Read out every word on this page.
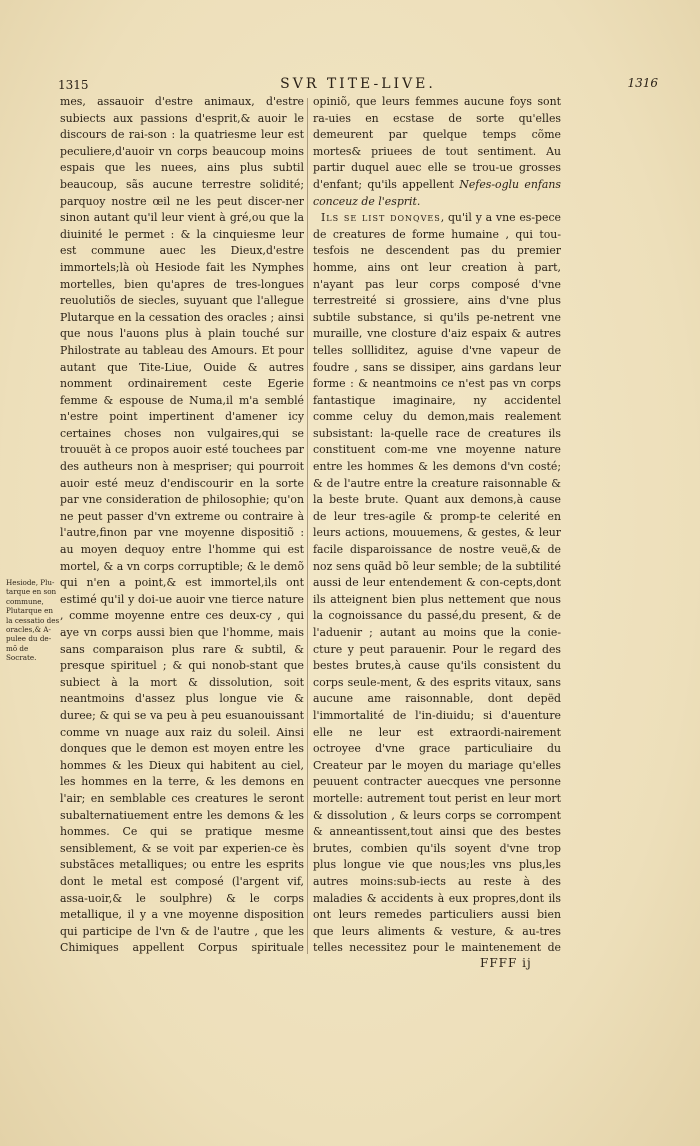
1315	SVR TITE-LIVE.	1316
Hesiode, Plu-tarque en son commune, Plutarque en la cessatio des oracles,& A-pulee du de-mõ de Socrate.

mes, assauoir d'estre animaux, d'estre subiects aux passions d'esprit,& auoir le discours de rai-son : la quatriesme leur est peculiere,d'auoir vn corps beaucoup moins espais que les nuees, ains plus subtil beaucoup, sãs aucune terrestre solidité; parquoy nostre œil ne les peut discer-ner sinon autant qu'il leur vient à gré,ou que la diuinité le permet : & la cinquiesme leur est commune auec les Dieux,d'estre immortels;là où Hesiode fait les Nymphes mortelles, bien qu'apres de tres-longues reuolutiõs de siecles, suyuant que l'allegue Plutarque en la cessation des oracles ; ainsi que nous l'auons plus à plain touché sur Philostrate au tableau des Amours. Et pour autant que Tite-Liue, Ouide & autres nomment ordinairement ceste Egerie femme & espouse de Numa,il m'a semblé n'estre point impertinent d'amener icy certaines choses non vulgaires,qui se trouuët à ce propos auoir esté touchees par des autheurs non à mespriser; qui pourroit auoir esté meuz d'endiscourir en la sorte par vne consideration de philosophie; qu'on ne peut passer d'vn extreme ou contraire à l'autre,finon par vne moyenne dispositiõ : au moyen dequoy entre l'homme qui est mortel, & a vn corps corruptible; & le demõ qui n'en a point,& est immortel,ils ont estimé qu'il y doi-ue auoir vne tierce nature , comme moyenne entre ces deux-cy , qui aye vn corps aussi bien que l'homme, mais sans comparaison plus rare & subtil, & presque spirituel ; & qui nonob-stant que subiect à la mort & dissolution, soit neantmoins d'assez plus longue vie & duree; & qui se va peu à peu esuanouissant comme vn nuage aux raiz du soleil. Ainsi donques que le demon est moyen entre les hommes & les Dieux qui habitent au ciel, les hommes en la terre, & les demons en l'air; en semblable ces creatures le seront subalternatiuement entre les demons & les hommes. Ce qui se pratique mesme sensiblement, & se voit par experien-ce ès substãces metalliques; ou entre les esprits dont le metal est composé (l'argent vif, assa-uoir,& le soulphre) & le corps metallique, il y a vne moyenne disposition qui participe de l'vn & de l'autre , que les Chimiques appellent Corpus spirituale

opiniõ, que leurs femmes aucune foys sont ra-uies en ecstase de sorte qu'elles demeurent par quelque temps cõme mortes& priuees de tout sentiment. Au partir duquel auec elle se trou-ue grosses d'enfant; qu'ils appellent Nefes-oglu enfans conceuz de l'esprit.
Ils se list donqves, qu'il y a vne es-pece de creatures de forme humaine , qui tou-tesfois ne descendent pas du premier homme, ains ont leur creation à part, n'ayant pas leur corps composé d'vne terrestreité si grossiere, ains d'vne plus subtile substance, si qu'ils pe-netrent vne muraille, vne closture d'aiz espaix & autres telles sollliditez, aguise d'vne vapeur de foudre , sans se dissiper, ains gardans leur forme : & neantmoins ce n'est pas vn corps fantastique imaginaire, ny accidentel comme celuy du demon,mais realement subsistant: la-quelle race de creatures ils constituent com-me vne moyenne nature entre les hommes & les demons d'vn costé; & de l'autre entre la creature raisonnable & la beste brute. Quant aux demons,à cause de leur tres-agile & promp-te celerité en leurs actions, mouuemens, & gestes, & leur facile disparoissance de nostre veuë,& de noz sens quãd bõ leur semble; de la subtilité aussi de leur entendement & con-cepts,dont ils atteignent bien plus nettement que nous la cognoissance du passé,du present, & de l'aduenir ; autant au moins que la conie-cture y peut parauenir. Pour le regard des bestes brutes,à cause qu'ils consistent du corps seule-ment, & des esprits vitaux, sans aucune ame raisonnable, dont depëd l'immortalité de l'in-diuidu; si d'auenture elle ne leur est extraordi-nairement octroyee d'vne grace particuliaire du Createur par le moyen du mariage qu'elles peuuent contracter auecques vne personne mortelle: autrement tout perist en leur mort & dissolution , & leurs corps se corrompent & anneantissent,tout ainsi que des bestes brutes, combien qu'ils soyent d'vne trop plus longue vie que nous;les vns plus,les autres moins:sub-iects au reste à des maladies & accidents à eux propres,dont ils ont leurs remedes particuliers aussi bien que leurs aliments & vesture, & au-tres telles necessitez pour le maintenement de

FFFF ij
